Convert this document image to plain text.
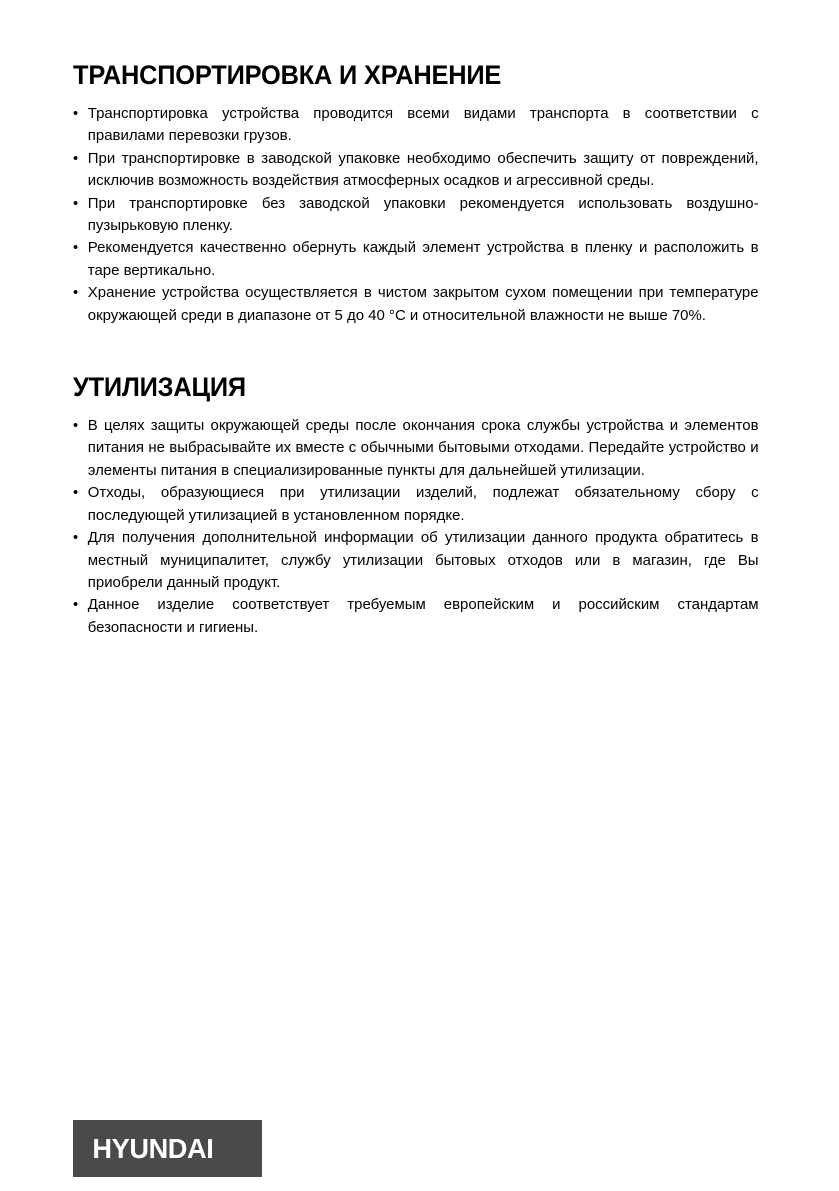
ТРАНСПОРТИРОВКА И ХРАНЕНИЕ
• Транспортировка устройства проводится всеми видами транспорта в соответствии с правилами перевозки грузов.
• При транспортировке в заводской упаковке необходимо обеспечить защиту от повреждений, исключив возможность воздействия атмосферных осадков и агрессивной среды.
• При транспортировке без заводской упаковки рекомендуется использовать воздушно-пузырьковую пленку.
• Рекомендуется качественно обернуть каждый элемент устройства в пленку и расположить в таре вертикально.
• Хранение устройства осуществляется в чистом закрытом сухом помещении при температуре окружающей среди в диапазоне от 5 до 40 °C и относительной влажности не выше 70%.
УТИЛИЗАЦИЯ
• В целях защиты окружающей среды после окончания срока службы устройства и элементов питания не выбрасывайте их вместе с обычными бытовыми отходами. Передайте устройство и элементы питания в специализированные пункты для дальнейшей утилизации.
• Отходы, образующиеся при утилизации изделий, подлежат обязательному сбору с последующей утилизацией в установленном порядке.
• Для получения дополнительной информации об утилизации данного продукта обратитесь в местный муниципалитет, службу утилизации бытовых отходов или в магазин, где Вы приобрели данный продукт.
• Данное изделие соответствует требуемым европейским и российским стандартам безопасности и гигиены.
HYUNDAI
